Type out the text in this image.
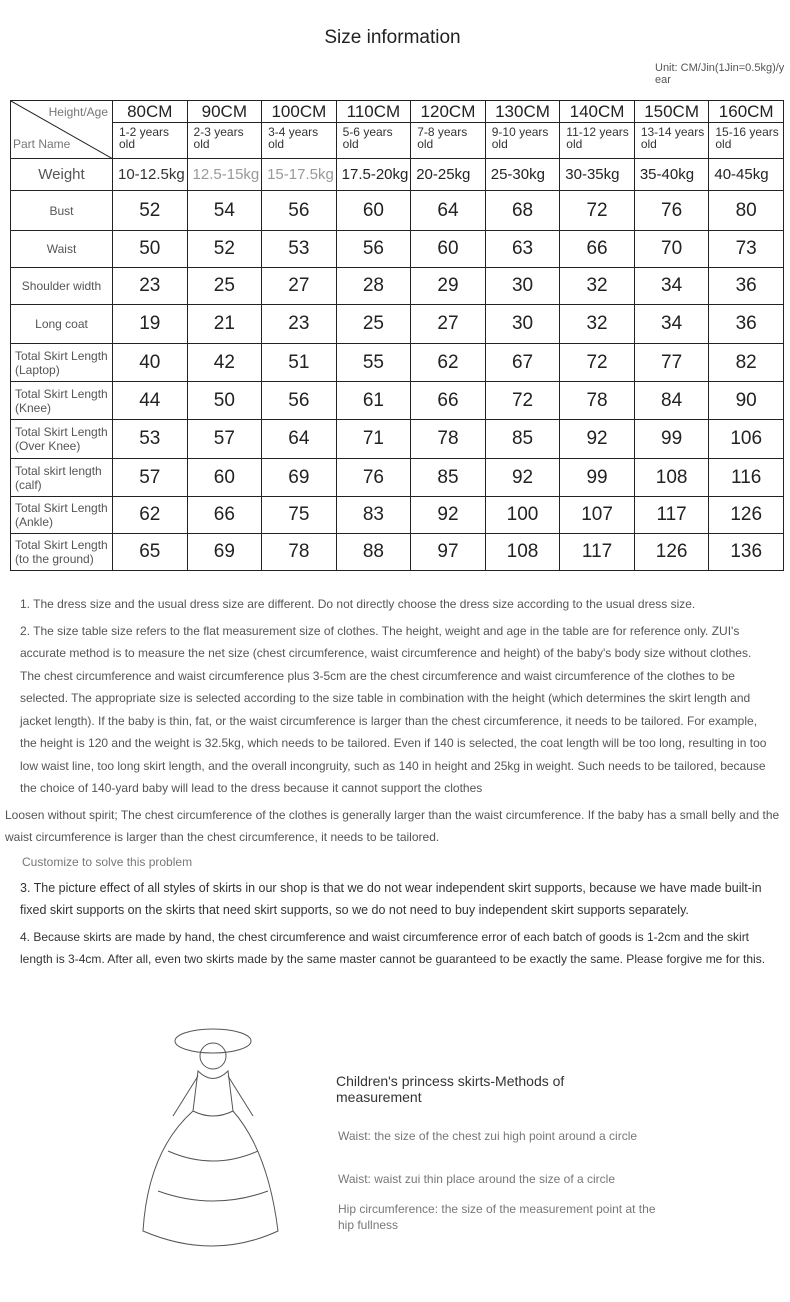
Size information
Unit: CM/Jin(1Jin=0.5kg)/year
Height/Age
Part Name	80CM	90CM	100CM	110CM	120CM	130CM	140CM	150CM	160CM
	1-2 years old	2-3 years old	3-4 years old	5-6 years old	7-8 years old	9-10 years old	11-12 years old	13-14 years old	15-16 years old
Weight	10-12.5kg	12.5-15kg	15-17.5kg	17.5-20kg	20-25kg	25-30kg	30-35kg	35-40kg	40-45kg
Bust	52	54	56	60	64	68	72	76	80
Waist	50	52	53	56	60	63	66	70	73
Shoulder width	23	25	27	28	29	30	32	34	36
Long coat	19	21	23	25	27	30	32	34	36
Total Skirt Length (Laptop)	40	42	51	55	62	67	72	77	82
Total Skirt Length (Knee)	44	50	56	61	66	72	78	84	90
Total Skirt Length (Over Knee)	53	57	64	71	78	85	92	99	106
Total skirt length (calf)	57	60	69	76	85	92	99	108	116
Total Skirt Length (Ankle)	62	66	75	83	92	100	107	117	126
Total Skirt Length (to the ground)	65	69	78	88	97	108	117	126	136
1. The dress size and the usual dress size are different. Do not directly choose the dress size according to the usual dress size.
2. The size table size refers to the flat measurement size of clothes. The height, weight and age in the table are for reference only. ZUI's accurate method is to measure the net size (chest circumference, waist circumference and height) of the baby's body size without clothes. The chest circumference and waist circumference plus 3-5cm are the chest circumference and waist circumference of the clothes to be selected. The appropriate size is selected according to the size table in combination with the height (which determines the skirt length and jacket length). If the baby is thin, fat, or the waist circumference is larger than the chest circumference, it needs to be tailored. For example, the height is 120 and the weight is 32.5kg, which needs to be tailored. Even if 140 is selected, the coat length will be too long, resulting in too low waist line, too long skirt length, and the overall incongruity, such as 140 in height and 25kg in weight. Such needs to be tailored, because the choice of 140-yard baby will lead to the dress because it cannot support the clothes
Loosen without spirit; The chest circumference of the clothes is generally larger than the waist circumference. If the baby has a small belly and the waist circumference is larger than the chest circumference, it needs to be tailored.
Customize to solve this problem
3. The picture effect of all styles of skirts in our shop is that we do not wear independent skirt supports, because we have made built-in fixed skirt supports on the skirts that need skirt supports, so we do not need to buy independent skirt supports separately.
4. Because skirts are made by hand, the chest circumference and waist circumference error of each batch of goods is 1-2cm and the skirt length is 3-4cm. After all, even two skirts made by the same master cannot be guaranteed to be exactly the same. Please forgive me for this.
Children's princess skirts-Methods of measurement
Waist: the size of the chest zui high point around a circle
Waist: waist zui thin place around the size of a circle
Hip circumference: the size of the measurement point at the hip fullness
